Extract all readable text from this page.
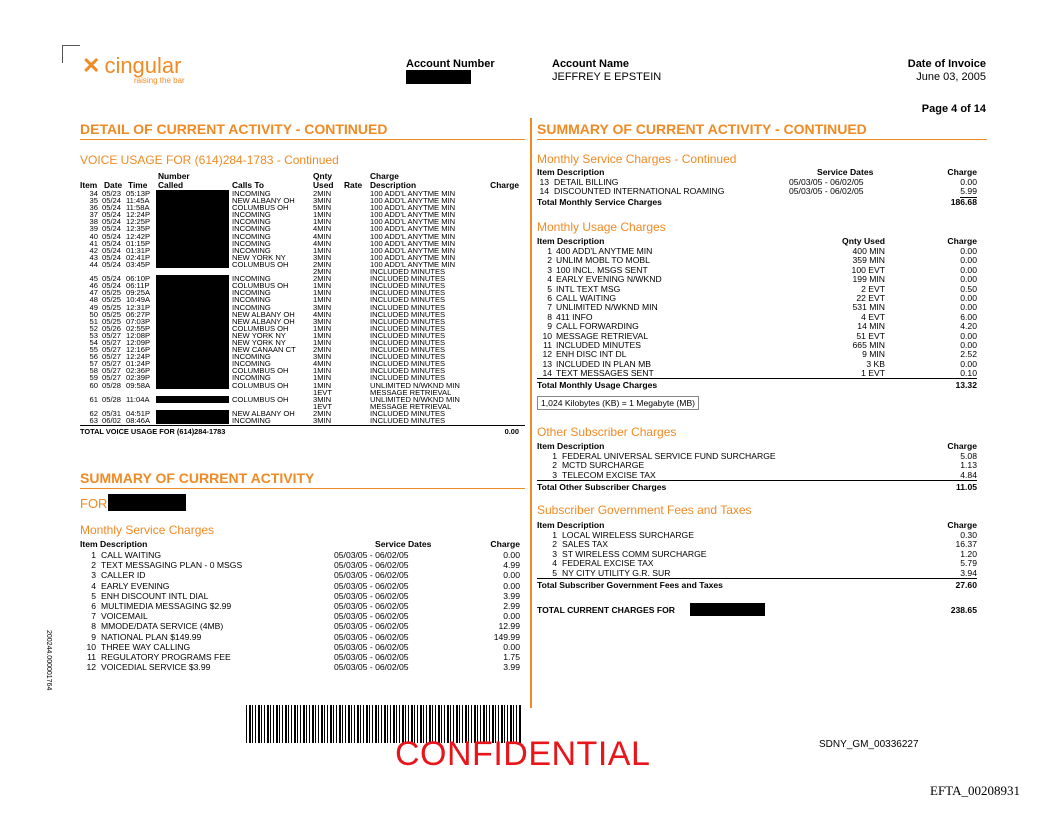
✕ cingular
raising the bar
Account Number	Account Name
JEFFREY E EPSTEIN
Date of Invoice
June 03, 2005
Page 4 of 14
DETAIL OF CURRENT ACTIVITY - CONTINUED
VOICE USAGE FOR (614)284-1783 - Continued
Number	Qnty	Charge
Item Date Time Called	Calls To	Used Rate Description	Charge
34 05/23 05:13P	INCOMING	2MIN	100 ADD'L ANYTME MIN
35 05/24 11:45A	NEW ALBANY OH 3MIN	100 ADD'L ANYTME MIN
36 05/24 11:58A	COLUMBUS OH	5MIN	100 ADD'L ANYTME MIN
37 05/24 12:24P	INCOMING	1MIN	100 ADD'L ANYTME MIN
38 05/24 12:25P	INCOMING	1MIN	100 ADD'L ANYTME MIN
39 05/24 12:35P	INCOMING	4MIN	100 ADD'L ANYTME MIN
40 05/24 12:42P	INCOMING	4MIN	100 ADD'L ANYTME MIN
41 05/24 01:15P	INCOMING	4MIN	100 ADD'L ANYTME MIN
42 05/24 01:31P	INCOMING	1MIN	100 ADD'L ANYTME MIN
43 05/24 02:41P	NEW YORK NY	3MIN	100 ADD'L ANYTME MIN
44 05/24 03:45P	COLUMBUS OH	2MIN	100 ADD'L ANYTME MIN
2MIN	INCLUDED MINUTES
45 05/24 06:10P	INCOMING	2MIN	INCLUDED MINUTES
46 05/24 06:11P	COLUMBUS OH	1MIN	INCLUDED MINUTES
47 05/25 09:25A	INCOMING	1MIN	INCLUDED MINUTES
48 05/25 10:49A	INCOMING	1MIN	INCLUDED MINUTES
49 05/25 12:31P	INCOMING	3MIN	INCLUDED MINUTES
50 05/25 06:27P	NEW ALBANY OH 4MIN	INCLUDED MINUTES
51 05/25 07:03P	NEW ALBANY OH 3MIN	INCLUDED MINUTES
52 05/26 02:55P	COLUMBUS OH	1MIN	INCLUDED MINUTES
53 05/27 12:08P	NEW YORK NY	1MIN	INCLUDED MINUTES
54 05/27 12:09P	NEW YORK NY	1MIN	INCLUDED MINUTES
55 05/27 12:16P	NEW CANAAN CT 2MIN	INCLUDED MINUTES
56 05/27 12:24P	INCOMING	3MIN	INCLUDED MINUTES
57 05/27 01:24P	INCOMING	4MIN	INCLUDED MINUTES
58 05/27 02:36P	COLUMBUS OH	1MIN	INCLUDED MINUTES
59 05/27 02:39P	INCOMING	1MIN	INCLUDED MINUTES
60 05/28 09:58A	COLUMBUS OH	1MIN	UNLIMITED N/WKND MIN
1EVT	MESSAGE RETRIEVAL
61 05/28 11:04A	COLUMBUS OH	3MIN	UNLIMITED N/WKND MIN
1EVT	MESSAGE RETRIEVAL
62 05/31 04:51P	NEW ALBANY OH 2MIN	INCLUDED MINUTES
63 06/02 08:46A	INCOMING	3MIN	INCLUDED MINUTES
TOTAL VOICE USAGE FOR (614)284-1783	0.00
SUMMARY OF CURRENT ACTIVITY
FOR
Monthly Service Charges
Item Description	Service Dates	Charge
1 CALL WAITING	05/03/05 - 06/02/05	0.00
2 TEXT MESSAGING PLAN - 0 MSGS	05/03/05 - 06/02/05	4.99
3 CALLER ID	05/03/05 - 06/02/05	0.00
4 EARLY EVENING	05/03/05 - 06/02/05	0.00
5 ENH DISCOUNT INTL DIAL	05/03/05 - 06/02/05	3.99
6 MULTIMEDIA MESSAGING $2.99	05/03/05 - 06/02/05	2.99
7 VOICEMAIL	05/03/05 - 06/02/05	0.00
8 MMODE/DATA SERVICE (4MB)	05/03/05 - 06/02/05	12.99
9 NATIONAL PLAN $149.99	05/03/05 - 06/02/05	149.99
10 THREE WAY CALLING	05/03/05 - 06/02/05	0.00
11 REGULATORY PROGRAMS FEE	05/03/05 - 06/02/05	1.75
12 VOICEDIAL SERVICE $3.99	05/03/05 - 06/02/05	3.99
SUMMARY OF CURRENT ACTIVITY - CONTINUED
Monthly Service Charges - Continued
Item Description	Service Dates	Charge
13 DETAIL BILLING	05/03/05 - 06/02/05	0.00
14 DISCOUNTED INTERNATIONAL ROAMING	05/03/05 - 06/02/05	5.99
Total Monthly Service Charges	186.68
Monthly Usage Charges
Item Description	Qnty Used	Charge
1 400 ADD'L ANYTME MIN	400 MIN	0.00
2 UNLIM MOBL TO MOBL	359 MIN	0.00
3 100 INCL. MSGS SENT	100 EVT	0.00
4 EARLY EVENING N/WKND	199 MIN	0.00
5 INTL TEXT MSG	2 EVT	0.50
6 CALL WAITING	22 EVT	0.00
7 UNLIMITED N/WKND MIN	531 MIN	0.00
8 411 INFO	4 EVT	6.00
9 CALL FORWARDING	14 MIN	4.20
10 MESSAGE RETRIEVAL	51 EVT	0.00
11 INCLUDED MINUTES	665 MIN	0.00
12 ENH DISC INT DL	9 MIN	2.52
13 INCLUDED IN PLAN MB	3 KB	0.00
14 TEXT MESSAGES SENT	1 EVT	0.10
Total Monthly Usage Charges	13.32
1,024 Kilobytes (KB) = 1 Megabyte (MB)
Other Subscriber Charges
Item Description	Charge
1 FEDERAL UNIVERSAL SERVICE FUND SURCHARGE	5.08
2 MCTD SURCHARGE	1.13
3 TELECOM EXCISE TAX	4.84
Total Other Subscriber Charges	11.05
Subscriber Government Fees and Taxes
Item Description	Charge
1 LOCAL WIRELESS SURCHARGE	0.30
2 SALES TAX	16.37
3 ST WIRELESS COMM SURCHARGE	1.20
4 FEDERAL EXCISE TAX	5.79
5 NY CITY UTILITY G.R. SUR	3.94
Total Subscriber Government Fees and Taxes	27.60
TOTAL CURRENT CHARGES FOR	238.65
CONFIDENTIAL	SDNY_GM_00336227
EFTA_00208931
200244.000001764
